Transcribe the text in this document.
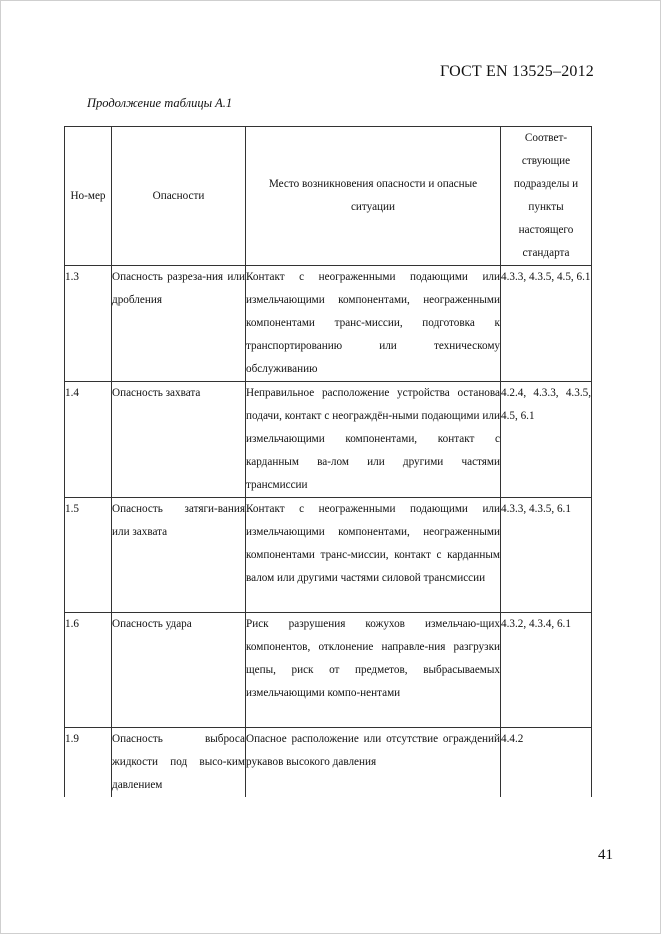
ГОСТ EN 13525–2012
Продолжение таблицы А.1
Но-мер	Опасности	Место возникновения опасности и опасные ситуации	Соответ-ствующие подразделы и пункты настоящего стандарта
1.3	Опасность разреза-ния или дробления	Контакт с неограженными подающими или измельчающими компонентами, неограженными компонентами транс-миссии, подготовка к транспортированию или техническому обслуживанию	4.3.3, 4.3.5, 4.5, 6.1
1.4	Опасность захвата	Неправильное расположение устройства останова подачи, контакт с неограждён-ными подающими или измельчающими компонентами, контакт с карданным ва-лом или другими частями трансмиссии	4.2.4, 4.3.3, 4.3.5, 4.5, 6.1
1.5	Опасность затяги-вания или захвата	Контакт с неограженными подающими или измельчающими компонентами, неограженными компонентами транс-миссии, контакт с карданным валом или другими частями силовой трансмиссии	4.3.3, 4.3.5, 6.1
1.6	Опасность удара	Риск разрушения кожухов измельчаю-щих компонентов, отклонение направле-ния разгрузки щепы, риск от предметов, выбрасываемых измельчающими компо-нентами	4.3.2, 4.3.4, 6.1
1.9	Опасность выброса жидкости под высо-ким давлением	Опасное расположение или отсутствие ограждений рукавов высокого давления	4.4.2
41
